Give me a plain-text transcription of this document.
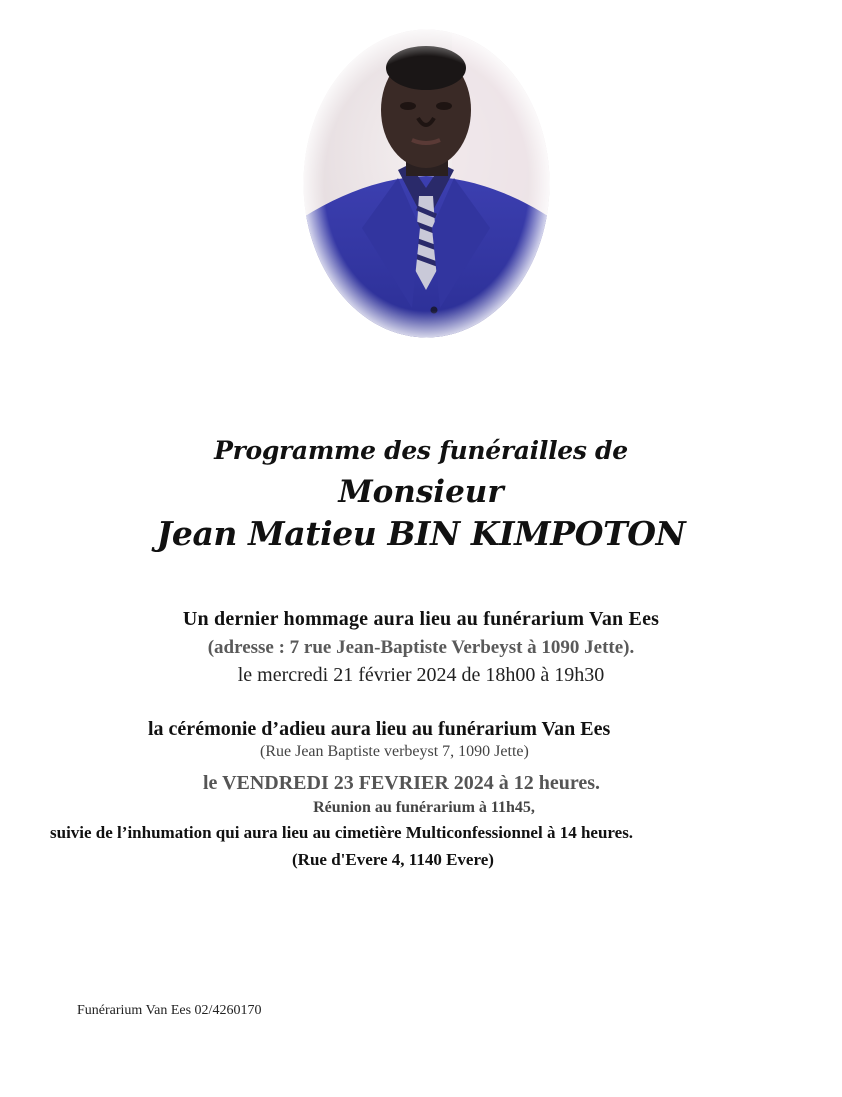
Programme des funérailles de
Monsieur
Jean Matieu BIN KIMPOTON
Un dernier hommage aura lieu au funérarium Van Ees
(adresse : 7 rue Jean-Baptiste Verbeyst à 1090 Jette).
le mercredi 21 février 2024 de 18h00 à 19h30
la cérémonie d’adieu aura lieu au funérarium Van Ees
(Rue Jean Baptiste verbeyst 7, 1090 Jette)
le VENDREDI 23 FEVRIER 2024 à 12 heures.
Réunion au funérarium à 11h45,
suivie de l’inhumation qui aura lieu au cimetière Multiconfessionnel à 14 heures.
(Rue d'Evere 4, 1140 Evere)
Funérarium Van Ees 02/4260170
